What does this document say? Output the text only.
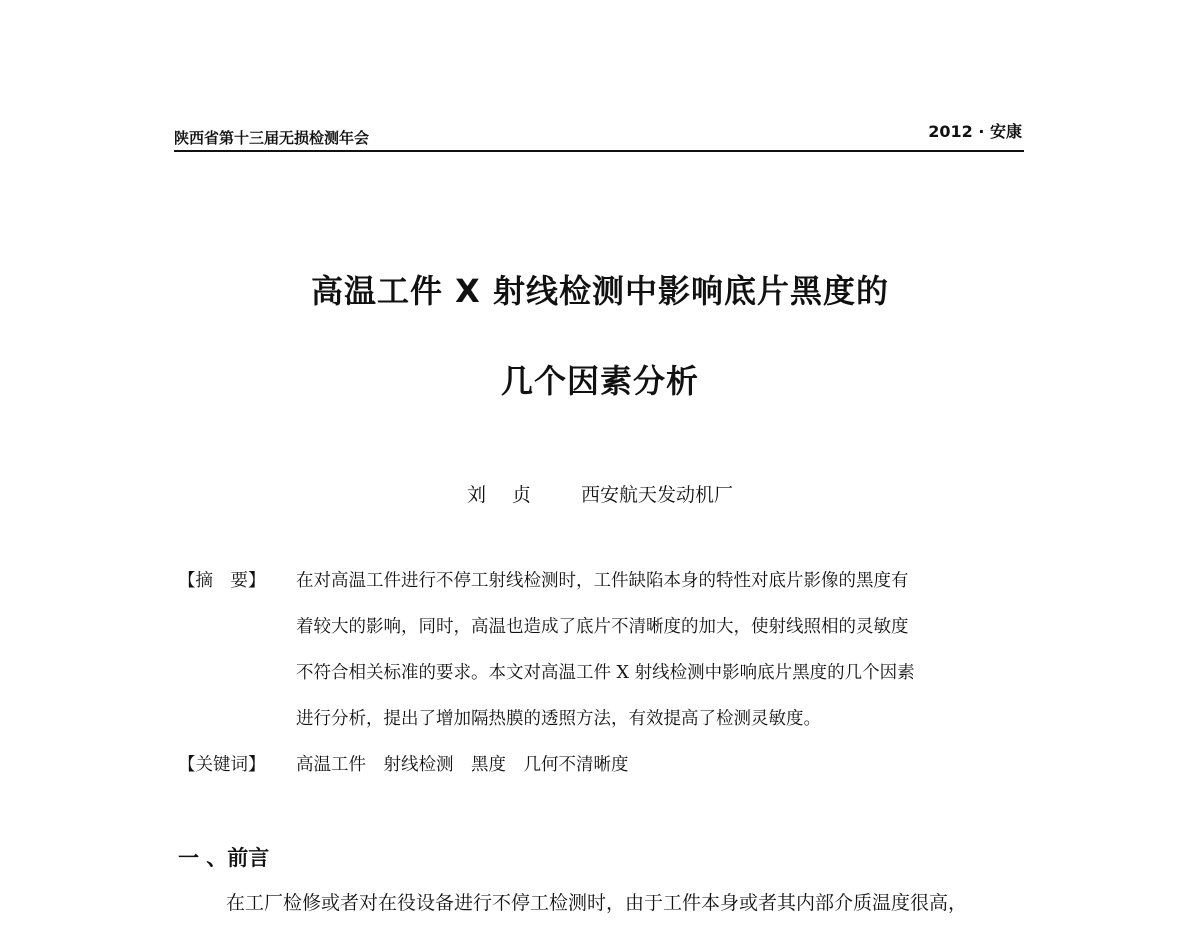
陕西省第十三届无损检测年会	2012 · 安康
高温工件 X 射线检测中影响底片黑度的
几个因素分析
刘 贞 西安航天发动机厂
【摘　要】	在对高温工件进行不停工射线检测时，工件缺陷本身的特性对底片影像的黑度有
着较大的影响，同时，高温也造成了底片不清晰度的加大，使射线照相的灵敏度
不符合相关标准的要求。本文对高温工件 X 射线检测中影响底片黑度的几个因素
进行分析，提出了增加隔热膜的透照方法，有效提高了检测灵敏度。
【关键词】	高温工件　射线检测　黑度　几何不清晰度
一 、前言
在工厂检修或者对在役设备进行不停工检测时，由于工件本身或者其内部介质温度很高，
